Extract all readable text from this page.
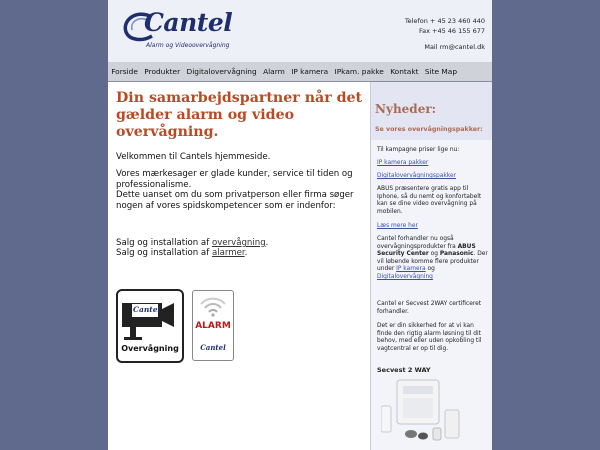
Cantel
Alarm og Videoovervågning
Telefon + 45 23 460 440
Fax +45 46 155 677
Mail rm@cantel.dk
Forside Produkter Digitalovervågning Alarm IP kamera IPkam. pakke Kontakt Site Map
Din samarbejdspartner når det gælder alarm og video overvågning.

Velkommen til Cantels hjemmeside.

Vores mærkesager er glade kunder, service til tiden og professionalisme.

Dette uanset om du som privatperson eller firma søger nogen af vores spidskompetencer som er indenfor:

Salg og installation af overvågning.

Salg og installation af alarmer.

Cantel
Overvågning
ALARM
Cantel
Nyheder:
Se vores overvågningspakker:

Til kampagne priser lige nu:

IP kamera pakker

Digitalovervågningspakker

ABUS præsentere gratis app til Iphone, så du nemt og konfortabelt kan se dine video overvågning på mobilen.

Læs mere her

Cantel forhandler nu også overvågningsprodukter fra ABUS Security Center og Panasonic. Der vil løbende komme flere produkter under IP kamera og Digitalovervågning

Cantel er Secvest 2WAY certificeret forhandler.

Det er din sikkerhed for at vi kan finde den rigtig alarm løsning til dit behov, med eller uden opkobling til vagtcentral er op til dig.

Secvest 2 WAY
